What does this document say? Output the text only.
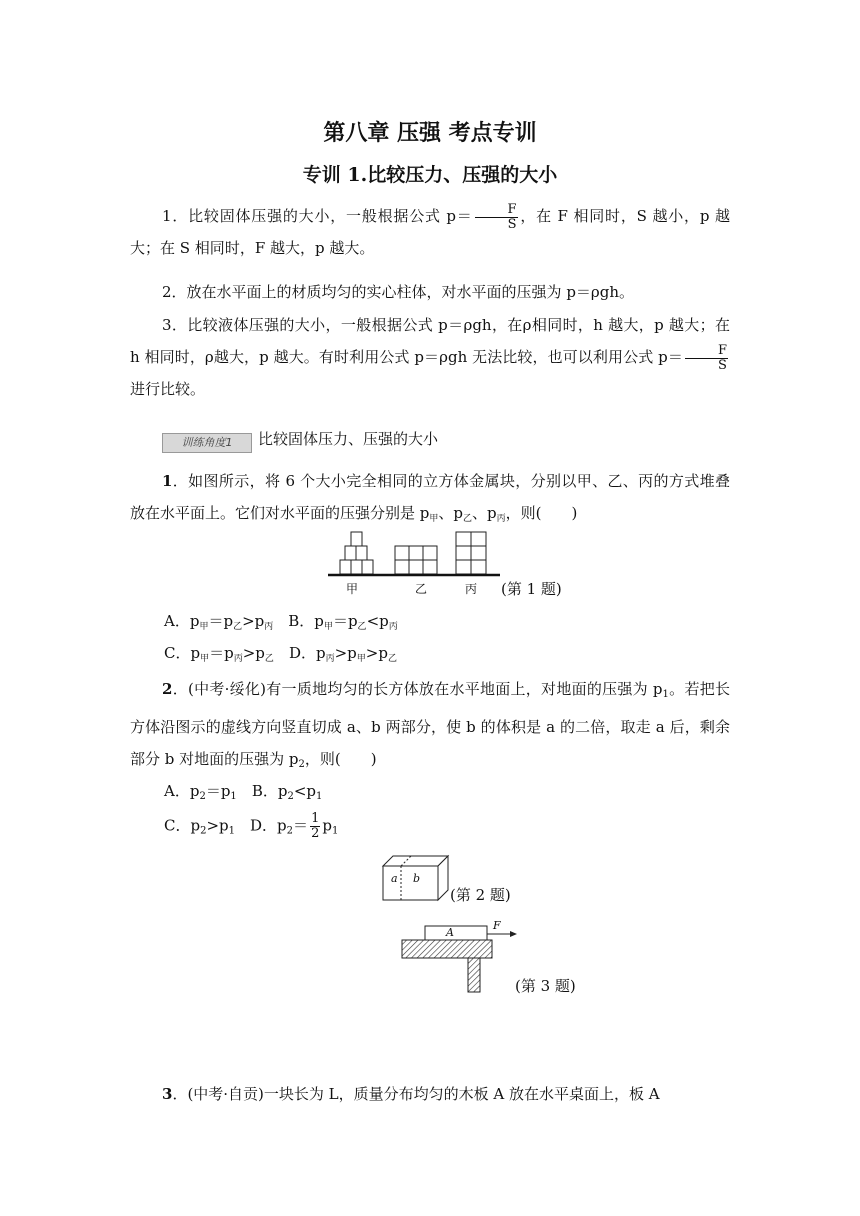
第八章 压强 考点专训
专训 1.比较压力、压强的大小
1．比较固体压强的大小，一般根据公式 $p= \frac{F}{S}$ ，在 F 相同时，S 越小，p 越大；在 S 相同时，F 越大，p 越大。
2．放在水平面上的材质均匀的实心柱体，对水平面的压强为 p＝ρgh。
3．比较液体压强的大小，一般根据公式 p＝ρgh，在ρ相同时，h 越大，p 越大；在 h 相同时，ρ越大，p 越大。有时利用公式 p＝ρgh 无法比较，也可以利用公式 $p= \frac{F}{S}$
进行比较。
训练角度1	比较固体压力、压强的大小
1．如图所示，将 6 个大小完全相同的立方体金属块，分别以甲、乙、丙的方式堆叠放在水平面上。它们对水平面的压强分别是 $p_甲$、$p_乙$、$p_丙$，则(　　)
甲	乙	丙 (第 1 题)
A．$p_甲=p_乙>p_丙$　 B．$p_甲=p_乙<p_丙$
C．$p_甲=p_丙>p_乙$　 D．$p_丙>p_甲>p_乙$
2．(中考·绥化)有一质地均匀的长方体放在水平地面上，对地面的压强为 $p_1$。若把长方体沿图示的虚线方向竖直切成 a、b 两部分，使 b 的体积是 a 的二倍，取走 a 后，剩余部分 b 对地面的压强为 $p_2$，则(　　)
A．$p_2=p_1$　 B．$p_2<p_1$
C．$p_2>p_1$　 D．$p_2= \frac{1}{2} p_1$
a b
(第 2 题)
A
F
(第 3 题)
3．(中考·自贡)一块长为 L，质量分布均匀的木板 A 放在水平桌面上，板 A
